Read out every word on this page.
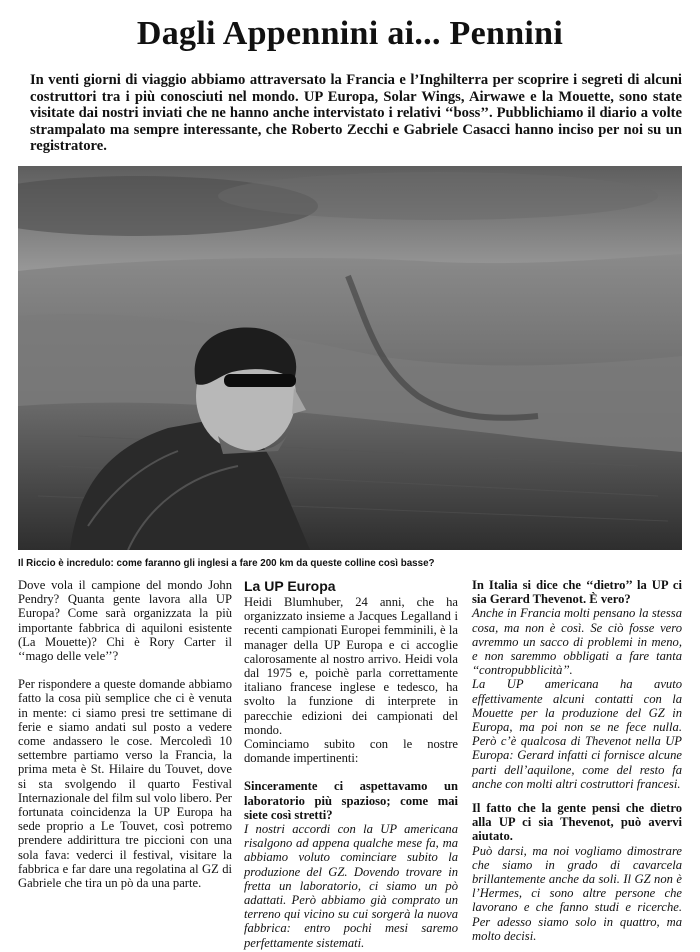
Dagli Appennini ai... Pennini

In venti giorni di viaggio abbiamo attraversato la Francia e l’Inghilterra per scoprire i segreti di alcuni costruttori tra i più conosciuti nel mondo. UP Europa, Solar Wings, Airwawe e la Mouette, sono state visitate dai nostri inviati che ne hanno anche intervistato i relativi ‘‘boss’’. Pubblichiamo il diario a volte strampalato ma sempre interessante, che Roberto Zecchi e Gabriele Casacci hanno inciso per noi su un registratore.

Il Riccio è incredulo: come faranno gli inglesi a fare 200 km da queste colline così basse?

Dove vola il campione del mondo John Pendry? Quanta gente lavora alla UP Europa? Come sarà organizzata la più importante fabbrica di aquiloni esistente (La Mouette)? Chi è Rory Carter il ‘‘mago delle vele’’?

Per rispondere a queste domande abbiamo fatto la cosa più semplice che ci è venuta in mente: ci siamo presi tre settimane di ferie e siamo andati sul posto a vedere come andassero le cose. Mercoledì 10 settembre partiamo verso la Francia, la prima meta è St. Hilaire du Touvet, dove si sta svolgendo il quarto Festival Internazionale del film sul volo libero. Per fortunata coincidenza la UP Europa ha sede proprio a Le Touvet, così potremo prendere addirittura tre piccioni con una sola fava: vederci il festival, visitare la fabbrica e far dare una regolatina al GZ di Gabriele che tira un pò da una parte.

La UP Europa

Heidi Blumhuber, 24 anni, che ha organizzato insieme a Jacques Legalland i recenti campionati Europei femminili, è la manager della UP Europa e ci accoglie calorosamente al nostro arrivo. Heidi vola dal 1975 e, poichè parla correttamente italiano francese inglese e tedesco, ha svolto la funzione di interprete in parecchie edizioni dei campionati del mondo.

Cominciamo subito con le nostre domande impertinenti:

Sinceramente ci aspettavamo un laboratorio più spazioso; come mai siete così stretti?

I nostri accordi con la UP americana risalgono ad appena qualche mese fa, ma abbiamo voluto cominciare subito la produzione del GZ. Dovendo trovare in fretta un laboratorio, ci siamo un pò adattati. Però abbiamo già comprato un terreno qui vicino su cui sorgerà la nuova fabbrica: entro pochi mesi saremo perfettamente sistemati.

In Italia si dice che ‘‘dietro’’ la UP ci sia Gerard Thevenot. È vero?

Anche in Francia molti pensano la stessa cosa, ma non è così. Se ciò fosse vero avremmo un sacco di problemi in meno, e non saremmo obbligati a fare tanta ‘‘contropubblicità’’.

La UP americana ha avuto effettivamente alcuni contatti con la Mouette per la produzione del GZ in Europa, ma poi non se ne fece nulla. Però c’è qualcosa di Thevenot nella UP Europa: Gerard infatti ci fornisce alcune parti dell’aquilone, come del resto fa anche con molti altri costruttori francesi.

Il fatto che la gente pensi che dietro alla UP ci sia Thevenot, può avervi aiutato.

Può darsi, ma noi vogliamo dimostrare che siamo in grado di cavarcela brillantemente anche da soli. Il GZ non è l’Hermes, ci sono altre persone che lavorano e che fanno studi e ricerche. Per adesso siamo solo in quattro, ma molto decisi.
